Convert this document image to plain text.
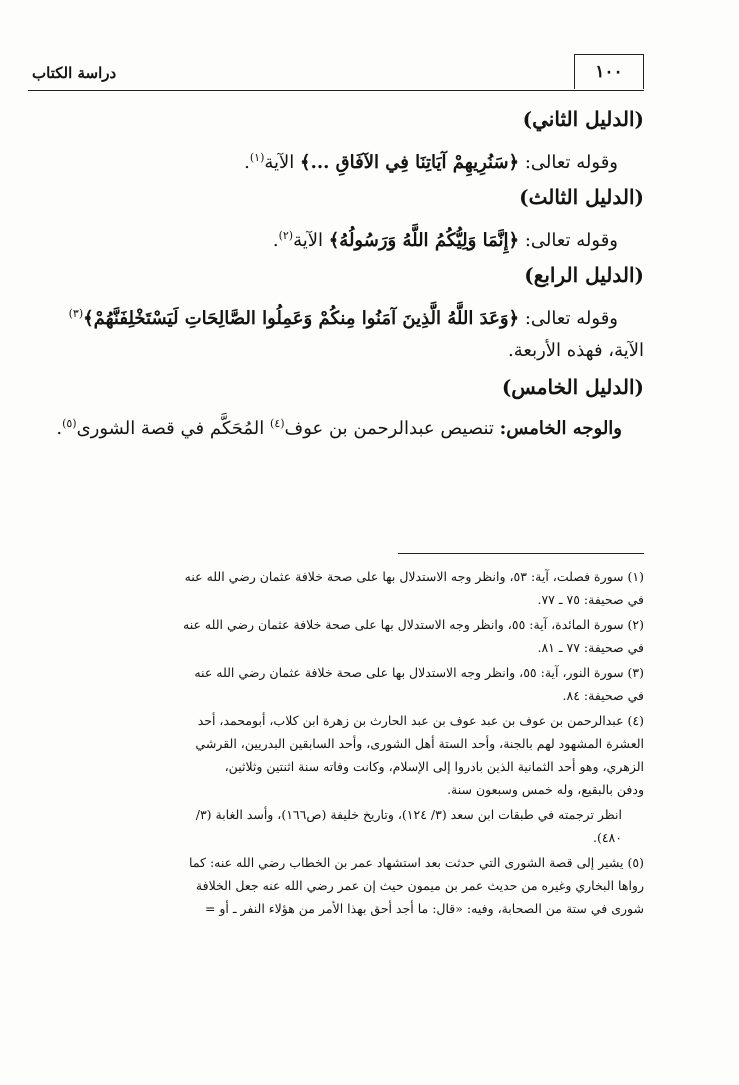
١٠٠
دراسة الكتاب

(الدليل الثاني)

وقوله تعالى: ﴿سَنُرِيهِمْ آيَاتِنَا فِي الآفَاقِ ...﴾ الآية$^{(١)}$.

(الدليل الثالث)

وقوله تعالى: ﴿إِنَّمَا وَلِيُّكُمُ اللَّهُ وَرَسُولُهُ﴾ الآية$^{(٢)}$.

(الدليل الرابع)

وقوله تعالى: ﴿وَعَدَ اللَّهُ الَّذِينَ آمَنُوا مِنكُمْ وَعَمِلُوا الصَّالِحَاتِ لَيَسْتَخْلِفَنَّهُمْ﴾$^{(٣)}$

الآية، فهذه الأربعة.

(الدليل الخامس)

والوجه الخامس: تنصيص عبدالرحمن بن عوف$^{(٤)}$ المُحَكَّم في قصة الشورى$^{(٥)}$.

(١) سورة فصلت، آية: ٥٣، وانظر وجه الاستدلال بها على صحة خلافة عثمان رضي الله عنه
في صحيفة: ٧٥ ـ ٧٧.

(٢) سورة المائدة، آية: ٥٥، وانظر وجه الاستدلال بها على صحة خلافة عثمان رضي الله عنه
في صحيفة: ٧٧ ـ ٨١.

(٣) سورة النور، آية: ٥٥، وانظر وجه الاستدلال بها على صحة خلافة عثمان رضي الله عنه
في صحيفة: ٨٤.

(٤) عبدالرحمن بن عوف بن عبد عوف بن عبد الحارث بن زهرة ابن كلاب، أبومحمد، أحد
العشرة المشهود لهم بالجنة، وأحد الستة أهل الشورى، وأحد السابقين البدريين، القرشي
الزهري، وهو أحد الثمانية الذين بادروا إلى الإسلام، وكانت وفاته سنة اثنتين وثلاثين،
ودفن بالبقيع، وله خمس وسبعون سنة.

انظر ترجمته في طبقات ابن سعد (٣/ ١٢٤)، وتاريخ خليفة (ص١٦٦)، وأسد الغابة (٣/
٤٨٠).

(٥) يشير إلى قصة الشورى التي حدثت بعد استشهاد عمر بن الخطاب رضي الله عنه: كما
رواها البخاري وغيره من حديث عمر بن ميمون حيث إن عمر رضي الله عنه جعل الخلافة
شورى في ستة من الصحابة، وفيه: «قال: ما أجد أحق بهذا الأمر من هؤلاء النفر ـ أو =
